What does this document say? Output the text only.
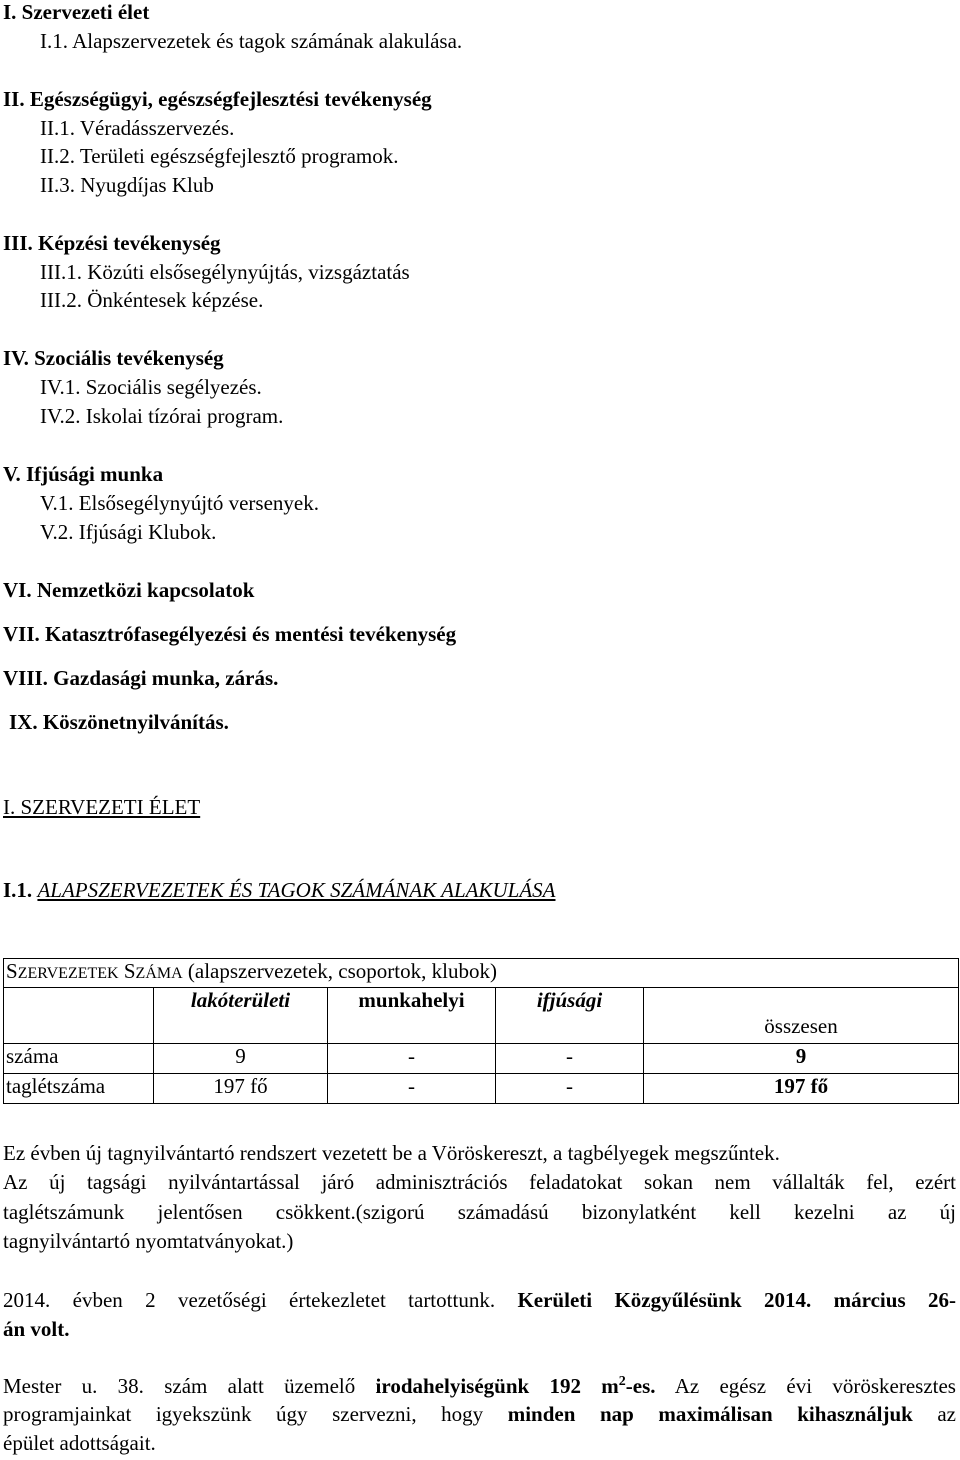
I. Szervezeti élet
I.1. Alapszervezetek és tagok számának alakulása.
II. Egészségügyi, egészségfejlesztési tevékenység
II.1. Véradásszervezés.
II.2. Területi egészségfejlesztő programok.
II.3. Nyugdíjas Klub
III. Képzési tevékenység
III.1. Közúti elsősegélynyújtás, vizsgáztatás
III.2. Önkéntesek képzése.
IV. Szociális tevékenység
IV.1. Szociális segélyezés.
IV.2. Iskolai tízórai program.
V. Ifjúsági munka
V.1. Elsősegélynyújtó versenyek.
V.2. Ifjúsági Klubok.
VI. Nemzetközi kapcsolatok
VII. Katasztrófasegélyezési és mentési tevékenység
VIII. Gazdasági munka, zárás.
IX. Köszönetnyilvánítás.
I. SZERVEZETI ÉLET
I.1. ALAPSZERVEZETEK ÉS TAGOK SZÁMÁNAK ALAKULÁSA
SZERVEZETEK SZÁMA (alapszervezetek, csoportok, klubok)				
	lakóterületi	munkahelyi	ifjúsági	összesen
száma	9	-	-	9
taglétszáma	197 fő	-	-	197 fő
Ez évben új tagnyilvántartó rendszert vezetett be a Vöröskereszt, a tagbélyegek megszűntek.
Az új tagsági nyilvántartással járó adminisztrációs feladatokat sokan nem vállalták fel, ezért
taglétszámunk jelentősen csökkent.(szigorú számadású bizonylatként kell kezelni az új
tagnyilvántartó nyomtatványokat.)
2014. évben 2 vezetőségi értekezletet tartottunk. Kerületi Közgyűlésünk 2014. március 26-
án volt.
Mester u. 38. szám alatt üzemelő irodahelyiségünk 192 $m^2-es$. Az egész évi vöröskeresztes
programjainkat igyekszünk úgy szervezni, hogy minden nap maximálisan kihasználjuk az
épület adottságait.
